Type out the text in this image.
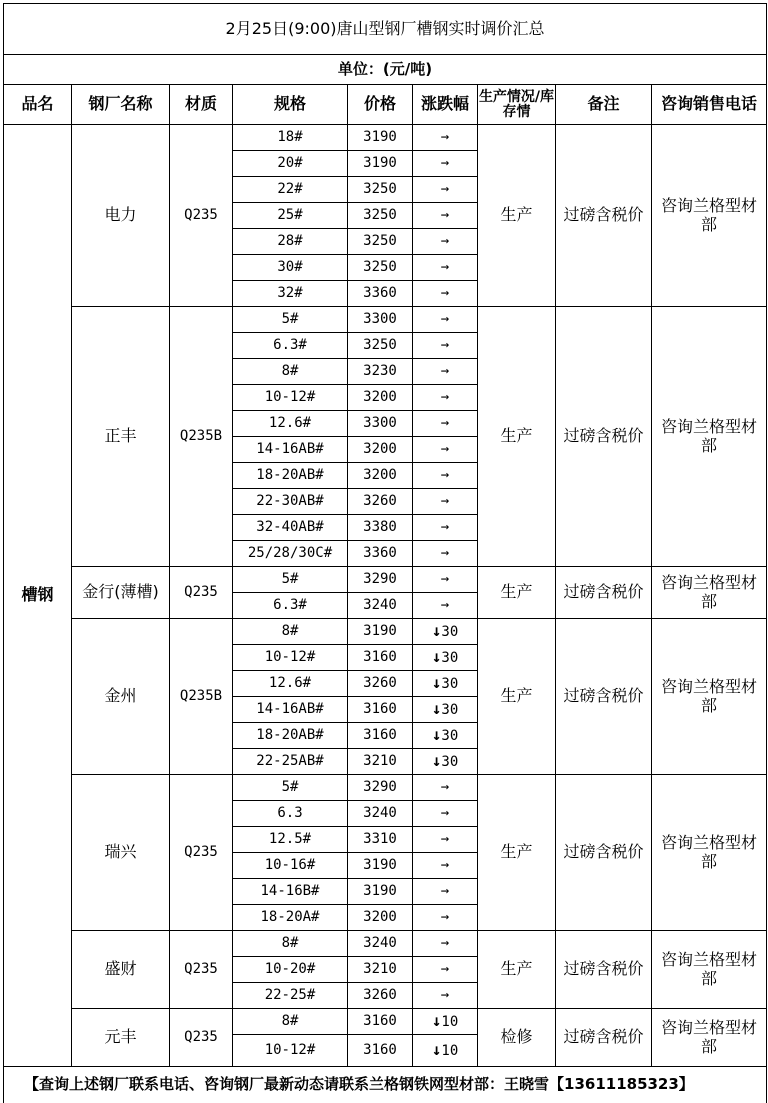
2月25日(9:00)唐山型钢厂槽钢实时调价汇总								
单位：(元/吨)								
品名	钢厂名称	材质	规格	价格	涨跌幅	生产情况/库存情	备注	咨询销售电话
槽钢	电力	Q235	18#	3190	→	生产	过磅含税价	咨询兰格型材部
			20#	3190	→			
			22#	3250	→			
			25#	3250	→			
			28#	3250	→			
			30#	3250	→			
			32#	3360	→			
	正丰	Q235B	5#	3300	→	生产	过磅含税价	咨询兰格型材部
			6.3#	3250	→			
			8#	3230	→			
			10-12#	3200	→			
			12.6#	3300	→			
			14-16AB#	3200	→			
			18-20AB#	3200	→			
			22-30AB#	3260	→			
			32-40AB#	3380	→			
			25/28/30C#	3360	→			
	金行(薄槽)	Q235	5#	3290	→	生产	过磅含税价	咨询兰格型材部
			6.3#	3240	→			
	金州	Q235B	8#	3190	↓30	生产	过磅含税价	咨询兰格型材部
			10-12#	3160	↓30			
			12.6#	3260	↓30			
			14-16AB#	3160	↓30			
			18-20AB#	3160	↓30			
			22-25AB#	3210	↓30			
	瑞兴	Q235	5#	3290	→	生产	过磅含税价	咨询兰格型材部
			6.3	3240	→			
			12.5#	3310	→			
			10-16#	3190	→			
			14-16B#	3190	→			
			18-20A#	3200	→			
	盛财	Q235	8#	3240	→	生产	过磅含税价	咨询兰格型材部
			10-20#	3210	→			
			22-25#	3260	→			
	元丰	Q235	8#	3160	↓10	检修	过磅含税价	咨询兰格型材部
			10-12#	3160	↓10			
【查询上述钢厂联系电话、咨询钢厂最新动态请联系兰格钢铁网型材部：王晓雪【13611185323】								
